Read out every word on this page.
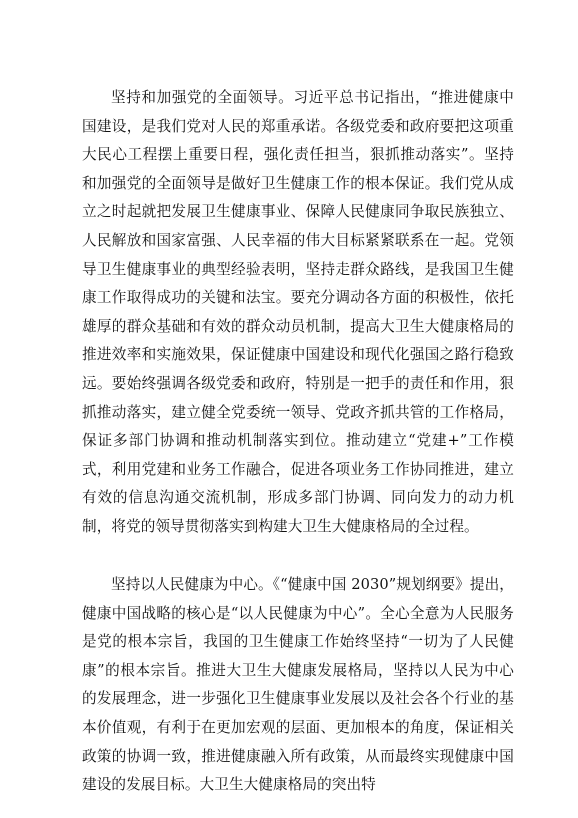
坚持和加强党的全面领导。习近平总书记指出，“推进健康中国建设，是我们党对人民的郑重承诺。各级党委和政府要把这项重大民心工程摆上重要日程，强化责任担当，狠抓推动落实”。坚持和加强党的全面领导是做好卫生健康工作的根本保证。我们党从成立之时起就把发展卫生健康事业、保障人民健康同争取民族独立、人民解放和国家富强、人民幸福的伟大目标紧紧联系在一起。党领导卫生健康事业的典型经验表明，坚持走群众路线，是我国卫生健康工作取得成功的关键和法宝。要充分调动各方面的积极性，依托雄厚的群众基础和有效的群众动员机制，提高大卫生大健康格局的推进效率和实施效果，保证健康中国建设和现代化强国之路行稳致远。要始终强调各级党委和政府，特别是一把手的责任和作用，狠抓推动落实，建立健全党委统一领导、党政齐抓共管的工作格局，保证多部门协调和推动机制落实到位。推动建立“党建+”工作模式，利用党建和业务工作融合，促进各项业务工作协同推进，建立有效的信息沟通交流机制，形成多部门协调、同向发力的动力机制，将党的领导贯彻落实到构建大卫生大健康格局的全过程。

坚持以人民健康为中心。《“健康中国 2030”规划纲要》提出，健康中国战略的核心是“以人民健康为中心”。全心全意为人民服务是党的根本宗旨，我国的卫生健康工作始终坚持“一切为了人民健康”的根本宗旨。推进大卫生大健康发展格局，坚持以人民为中心的发展理念，进一步强化卫生健康事业发展以及社会各个行业的基本价值观，有利于在更加宏观的层面、更加根本的角度，保证相关政策的协调一致，推进健康融入所有政策，从而最终实现健康中国建设的发展目标。大卫生大健康格局的突出特
